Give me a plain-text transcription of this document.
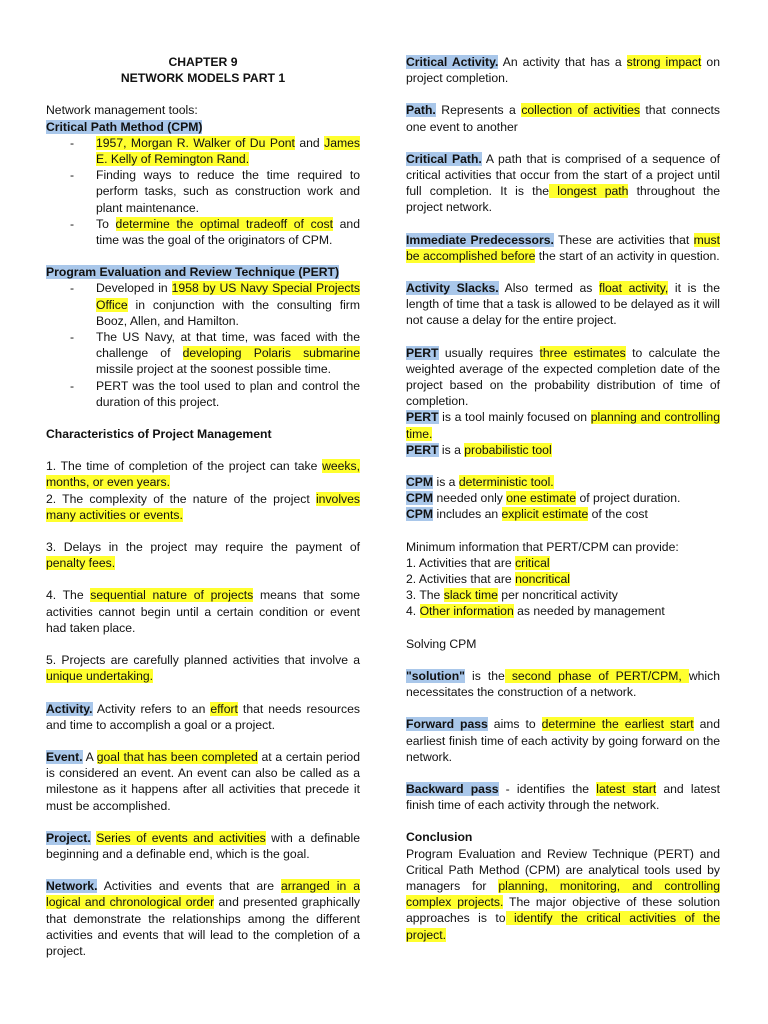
CHAPTER 9

NETWORK MODELS PART 1

Network management tools:

Critical Path Method (CPM)

- 1957, Morgan R. Walker of Du Pont and James E. Kelly of Remington Rand.
- Finding ways to reduce the time required to perform tasks, such as construction work and plant maintenance.
- To determine the optimal tradeoff of cost and time was the goal of the originators of CPM.

Program Evaluation and Review Technique (PERT)

- Developed in 1958 by US Navy Special Projects Office in conjunction with the consulting firm Booz, Allen, and Hamilton.
- The US Navy, at that time, was faced with the challenge of developing Polaris submarine missile project at the soonest possible time.
- PERT was the tool used to plan and control the duration of this project.

Characteristics of Project Management

1. The time of completion of the project can take weeks, months, or even years.

2. The complexity of the nature of the project involves many activities or events.

3. Delays in the project may require the payment of penalty fees.

4. The sequential nature of projects means that some activities cannot begin until a certain condition or event had taken place.

5. Projects are carefully planned activities that involve a unique undertaking.

Activity. Activity refers to an effort that needs resources and time to accomplish a goal or a project.

Event. A goal that has been completed at a certain period is considered an event. An event can also be called as a milestone as it happens after all activities that precede it must be accomplished.

Project. Series of events and activities with a definable beginning and a definable end, which is the goal.

Network. Activities and events that are arranged in a logical and chronological order and presented graphically that demonstrate the relationships among the different activities and events that will lead to the completion of a project.

Critical Activity. An activity that has a strong impact on project completion.

Path. Represents a collection of activities that connects one event to another

Critical Path. A path that is comprised of a sequence of critical activities that occur from the start of a project until full completion. It is the longest path throughout the project network.

Immediate Predecessors. These are activities that must be accomplished before the start of an activity in question.

Activity Slacks. Also termed as float activity, it is the length of time that a task is allowed to be delayed as it will not cause a delay for the entire project.

PERT usually requires three estimates to calculate the weighted average of the expected completion date of the project based on the probability distribution of time of completion.

PERT is a tool mainly focused on planning and controlling time.

PERT is a probabilistic tool

CPM is a deterministic tool.

CPM needed only one estimate of project duration.

CPM includes an explicit estimate of the cost

Minimum information that PERT/CPM can provide:

1. Activities that are critical

2. Activities that are noncritical

3. The slack time per noncritical activity

4. Other information as needed by management

Solving CPM

"solution" is the second phase of PERT/CPM, which necessitates the construction of a network.

Forward pass aims to determine the earliest start and earliest finish time of each activity by going forward on the network.

Backward pass - identifies the latest start and latest finish time of each activity through the network.

Conclusion

Program Evaluation and Review Technique (PERT) and Critical Path Method (CPM) are analytical tools used by managers for planning, monitoring, and controlling complex projects. The major objective of these solution approaches is to identify the critical activities of the project.
